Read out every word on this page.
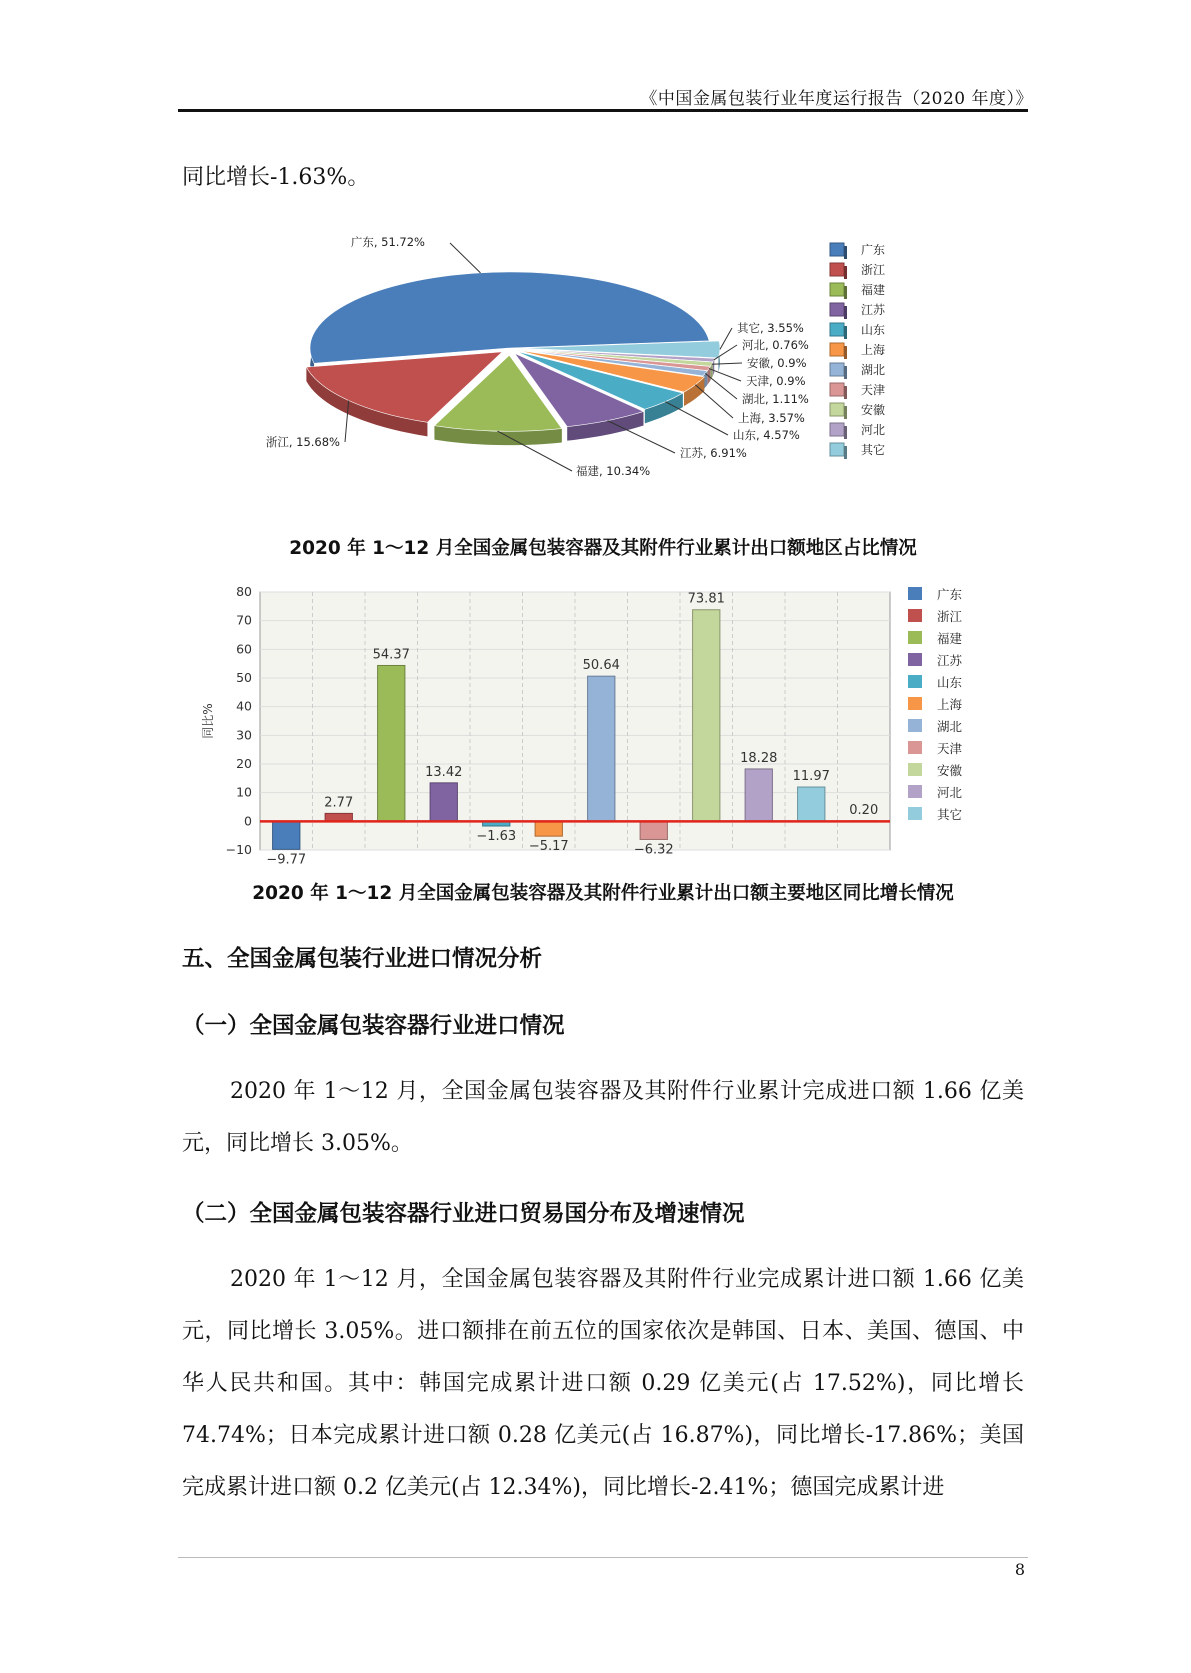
《中国金属包装行业年度运行报告（2020 年度）》
同比增长-1.63%。
广东
浙江
福建
江苏
山东
上海
湖北
天津
安徽
河北
其它
广东, 51.72%
其它, 3.55%
河北, 0.76%
安徽, 0.9%
天津, 0.9%
湖北, 1.11%
上海, 3.57%
山东, 4.57%
江苏, 6.91%
福建, 10.34%
浙江, 15.68%
2020 年 1～12 月全国金属包装容器及其附件行业累计出口额地区占比情况
80
70
60
50
40
30
20
10
0
−10
同比%
−9.77
2.77
54.37
13.42
−1.63
−5.17
50.64
−6.32
73.81
18.28
11.97
0.20
广东
浙江
福建
江苏
山东
上海
湖北
天津
安徽
河北
其它
2020 年 1～12 月全国金属包装容器及其附件行业累计出口额主要地区同比增长情况
五、全国金属包装行业进口情况分析
（一）全国金属包装容器行业进口情况
2020 年 1～12 月，全国金属包装容器及其附件行业累计完成进口额 1.66 亿美元，同比增长 3.05%。
（二）全国金属包装容器行业进口贸易国分布及增速情况
2020 年 1～12 月，全国金属包装容器及其附件行业完成累计进口额 1.66 亿美元，同比增长 3.05%。进口额排在前五位的国家依次是韩国、日本、美国、德国、中华人民共和国。其中：韩国完成累计进口额 0.29 亿美元(占 17.52%)，同比增长 74.74%；日本完成累计进口额 0.28 亿美元(占 16.87%)，同比增长-17.86%；美国完成累计进口额 0.2 亿美元(占 12.34%)，同比增长-2.41%；德国完成累计进
8
